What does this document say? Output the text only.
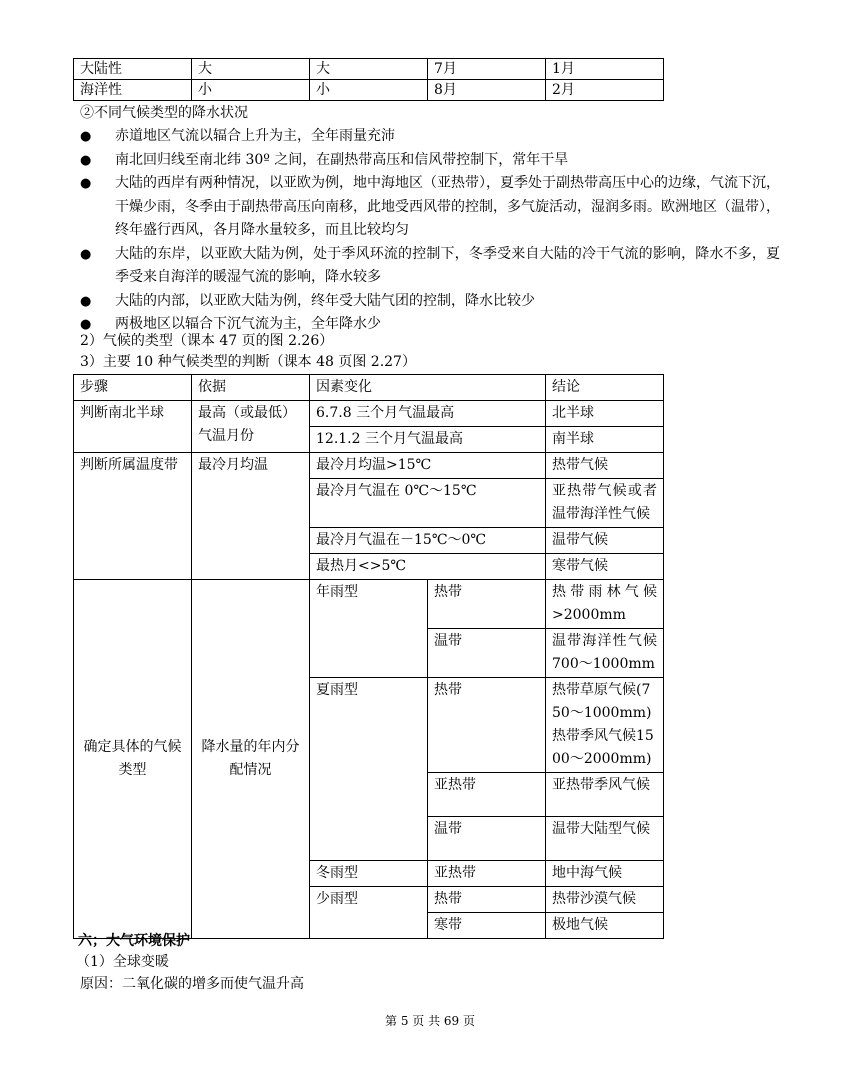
大陆性	大	大	7月	1月
海洋性	小	小	8月	2月
②不同气候类型的降水状况
● 赤道地区气流以辐合上升为主，全年雨量充沛
● 南北回归线至南北纬 30º 之间，在副热带高压和信风带控制下，常年干旱
● 大陆的西岸有两种情况，以亚欧为例，地中海地区（亚热带），夏季处于副热带高压中心的边缘，气流下沉，干燥少雨，冬季由于副热带高压向南移，此地受西风带的控制，多气旋活动，湿润多雨。欧洲地区（温带），终年盛行西风，各月降水量较多，而且比较均匀
● 大陆的东岸，以亚欧大陆为例，处于季风环流的控制下，冬季受来自大陆的冷干气流的影响，降水不多，夏季受来自海洋的暖湿气流的影响，降水较多
● 大陆的内部，以亚欧大陆为例，终年受大陆气团的控制，降水比较少
● 两极地区以辐合下沉气流为主，全年降水少
2）气候的类型（课本 47 页的图 2.26）
3）主要 10 种气候类型的判断（课本 48 页图 2.27）
步骤	依据	因素变化		结论
判断南北半球	最高（或最低）气温月份	6.7.8 三个月气温最高		北半球
		12.1.2 三个月气温最高		南半球
判断所属温度带	最冷月均温	最冷月均温>15℃		热带气候
		最冷月气温在 0℃～15℃		亚热带气候或者温带海洋性气候
		最冷月气温在－15℃～0℃		温带气候
		最热月<>5℃		寒带气候
确定具体的气候类型	降水量的年内分配情况	年雨型	热带	热带雨林气候>2000mm
			温带	温带海洋性气候 700～1000mm
		夏雨型	热带	热带草原气候(750～1000mm)热带季风气候1500～2000mm)
			亚热带	亚热带季风气候
			温带	温带大陆型气候
		冬雨型	亚热带	地中海气候
		少雨型	热带	热带沙漠气候
			寒带	极地气候
六；大气环境保护
（1）全球变暖
原因：二氧化碳的增多而使气温升高
第 5 页 共 69 页
